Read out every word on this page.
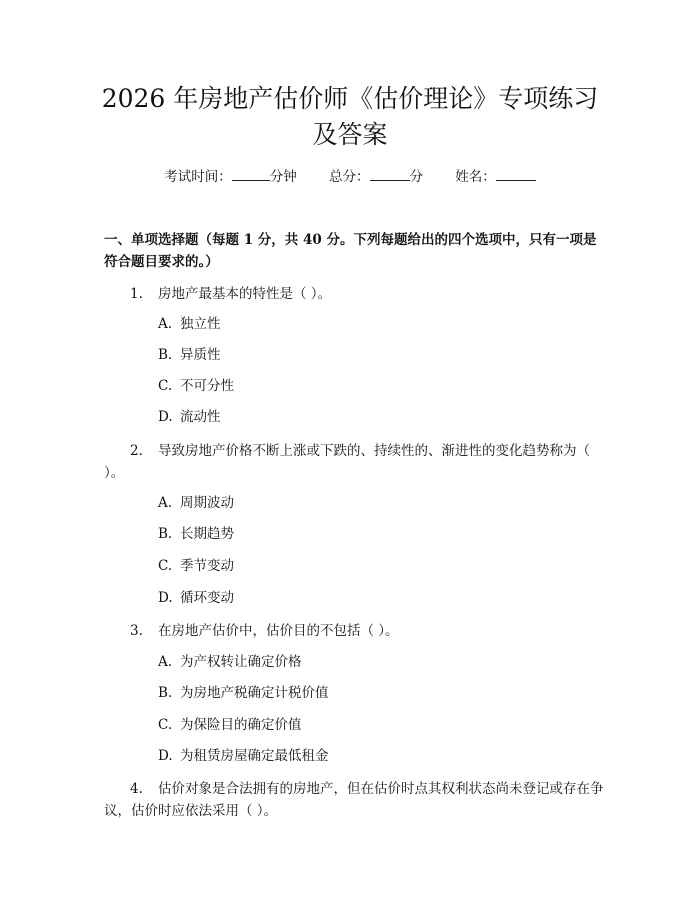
2026 年房地产估价师《估价理论》专项练习
及答案
考试时间：	分钟 总分：	分 姓名：
一、单项选择题（每题 1 分，共 40 分。下列每题给出的四个选项中，只有一项是符合题目要求的。）
1. 房地产最基本的特性是（ ）。
A. 独立性
B. 异质性
C. 不可分性
D. 流动性
2. 导致房地产价格不断上涨或下跌的、持续性的、渐进性的变化趋势称为（ ）。
A. 周期波动
B. 长期趋势
C. 季节变动
D. 循环变动
3. 在房地产估价中，估价目的不包括（ ）。
A. 为产权转让确定价格
B. 为房地产税确定计税价值
C. 为保险目的确定价值
D. 为租赁房屋确定最低租金
4. 估价对象是合法拥有的房地产，但在估价时点其权利状态尚未登记或存在争议，估价时应依法采用（ ）。
